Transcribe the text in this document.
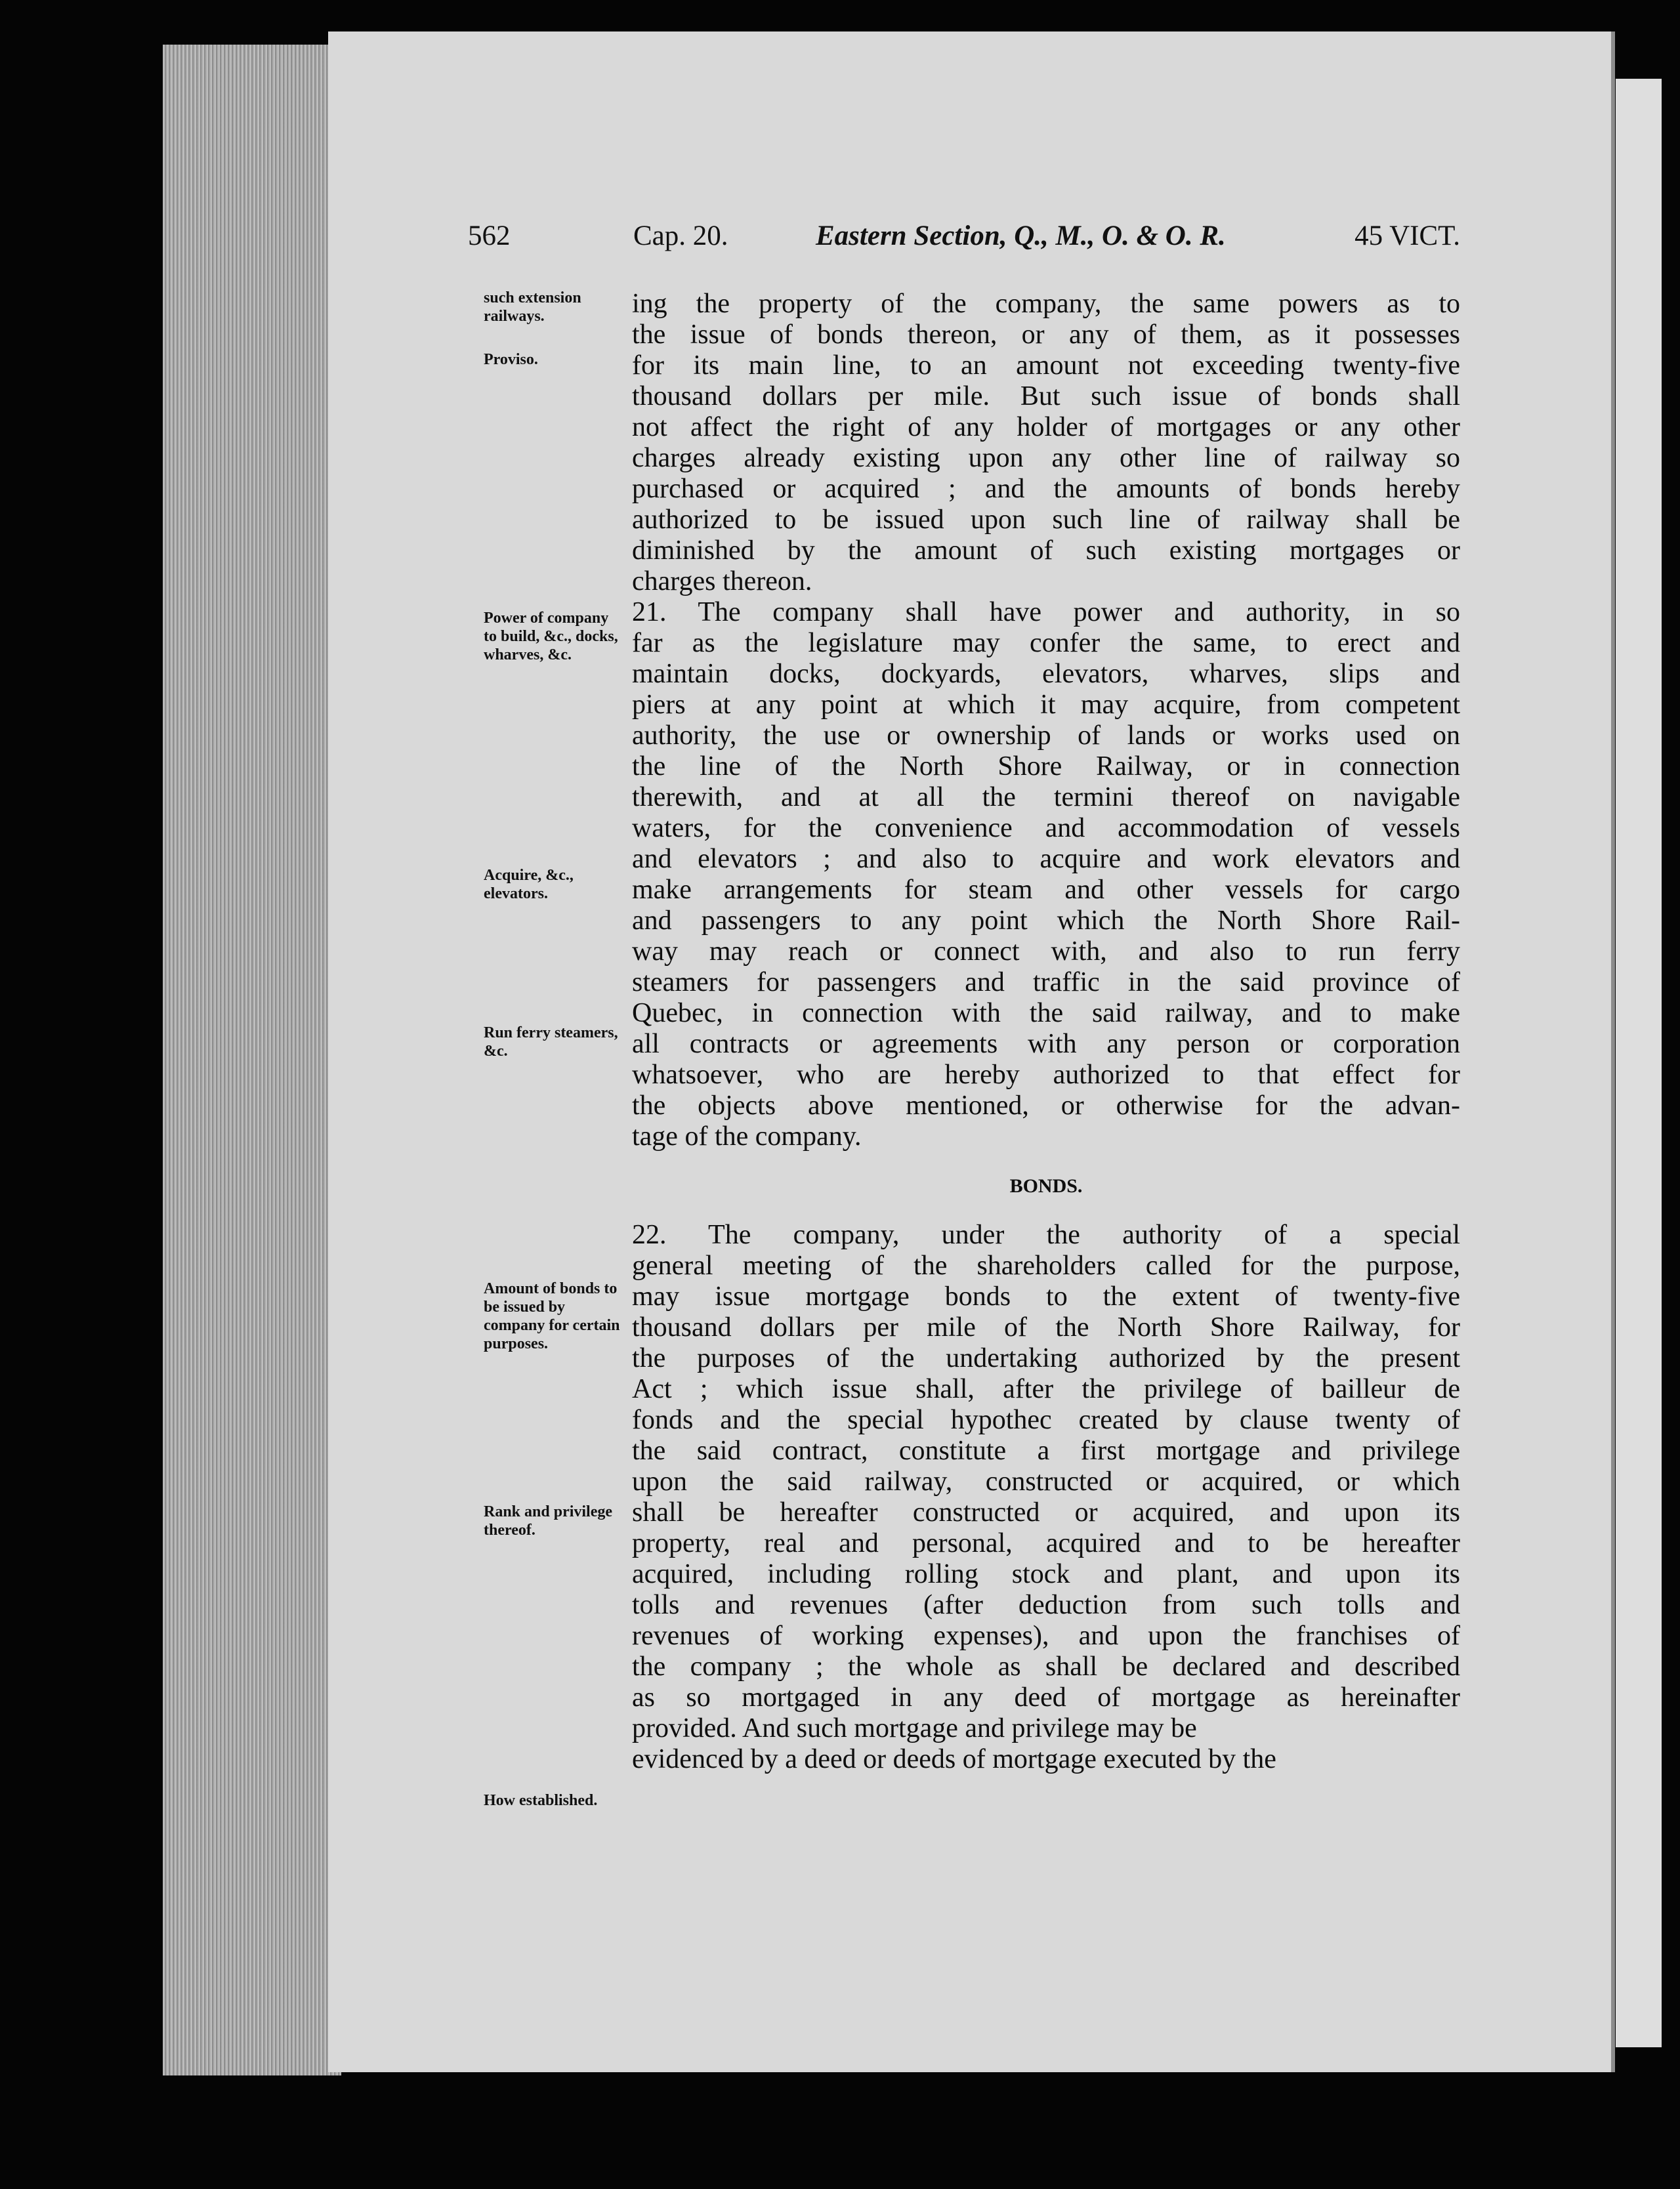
562	Cap. 20.	Eastern Section, Q., M., O. & O. R.	45 VICT.
such extension railways.
Proviso.
Power of company to build, &c., docks, wharves, &c.
Acquire, &c., elevators.
Run ferry steamers, &c.
Amount of bonds to be issued by company for certain purposes.
Rank and privilege thereof.
How established.
ing the property of the company, the same powers as to
the issue of bonds thereon, or any of them, as it possesses
for its main line, to an amount not exceeding twenty-five
thousand dollars per mile. But such issue of bonds shall
not affect the right of any holder of mortgages or any other
charges already existing upon any other line of railway so
purchased or acquired ; and the amounts of bonds hereby
authorized to be issued upon such line of railway shall be
diminished by the amount of such existing mortgages or
charges thereon.
21. The company shall have power and authority, in so
far as the legislature may confer the same, to erect and
maintain docks, dockyards, elevators, wharves, slips and
piers at any point at which it may acquire, from competent
authority, the use or ownership of lands or works used on
the line of the North Shore Railway, or in connection
therewith, and at all the termini thereof on navigable
waters, for the convenience and accommodation of vessels
and elevators ; and also to acquire and work elevators and
make arrangements for steam and other vessels for cargo
and passengers to any point which the North Shore Rail-
way may reach or connect with, and also to run ferry
steamers for passengers and traffic in the said province of
Quebec, in connection with the said railway, and to make
all contracts or agreements with any person or corporation
whatsoever, who are hereby authorized to that effect for
the objects above mentioned, or otherwise for the advan-
tage of the company.
BONDS.
22. The company, under the authority of a special
general meeting of the shareholders called for the purpose,
may issue mortgage bonds to the extent of twenty-five
thousand dollars per mile of the North Shore Railway, for
the purposes of the undertaking authorized by the present
Act ; which issue shall, after the privilege of bailleur de
fonds and the special hypothec created by clause twenty of
the said contract, constitute a first mortgage and privilege
upon the said railway, constructed or acquired, or which
shall be hereafter constructed or acquired, and upon its
property, real and personal, acquired and to be hereafter
acquired, including rolling stock and plant, and upon its
tolls and revenues (after deduction from such tolls and
revenues of working expenses), and upon the franchises of
the company ; the whole as shall be declared and described
as so mortgaged in any deed of mortgage as hereinafter
provided. And such mortgage and privilege may be
evidenced by a deed or deeds of mortgage executed by the
